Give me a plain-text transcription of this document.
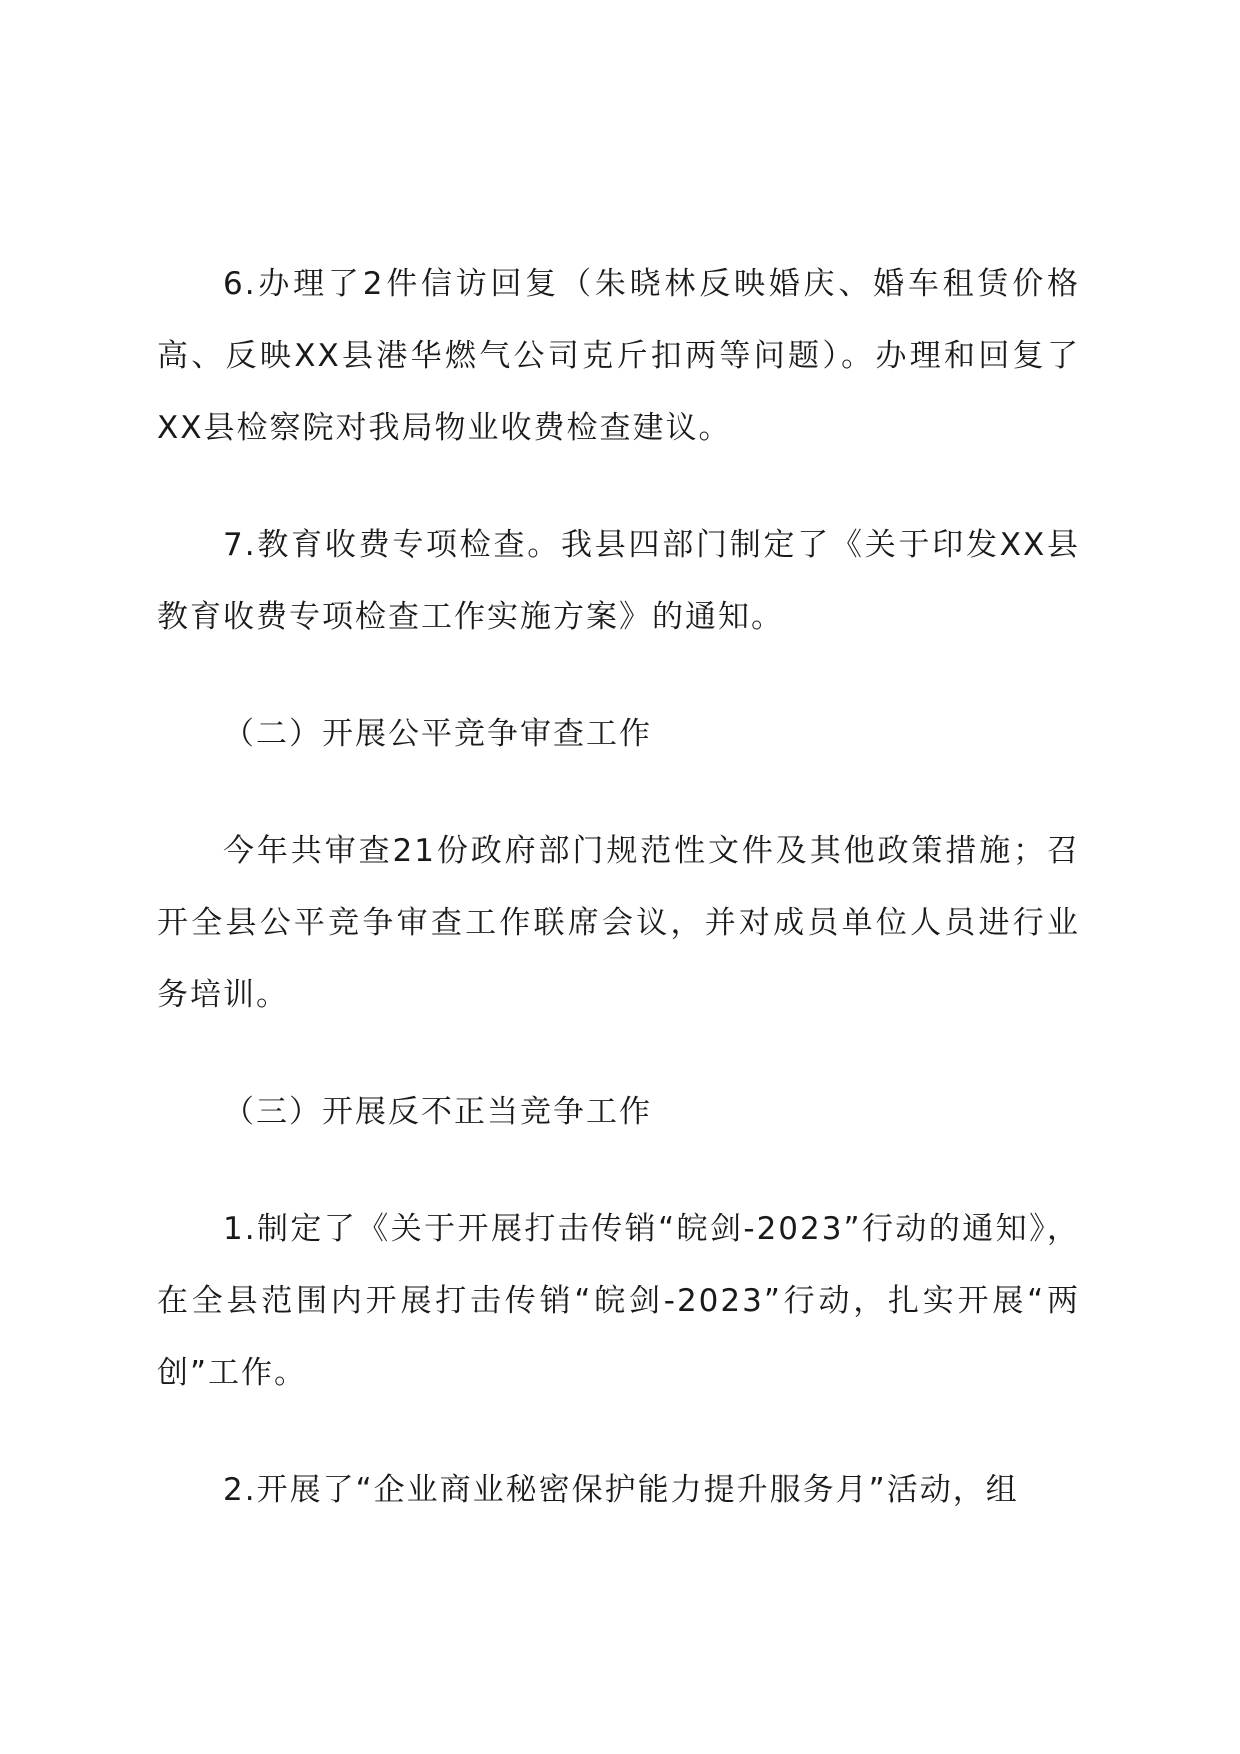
6.办理了2件信访回复（朱晓林反映婚庆、婚车租赁价格高、反映XX县港华燃气公司克斤扣两等问题）。办理和回复了XX县检察院对我局物业收费检查建议。

7.教育收费专项检查。我县四部门制定了《关于印发XX县教育收费专项检查工作实施方案》的通知。

（二）开展公平竞争审查工作

今年共审查21份政府部门规范性文件及其他政策措施；召开全县公平竞争审查工作联席会议，并对成员单位人员进行业务培训。

（三）开展反不正当竞争工作

1.制定了《关于开展打击传销“皖剑-2023”行动的通知》，在全县范围内开展打击传销“皖剑-2023”行动，扎实开展“两创”工作。

2.开展了“企业商业秘密保护能力提升服务月”活动，组
